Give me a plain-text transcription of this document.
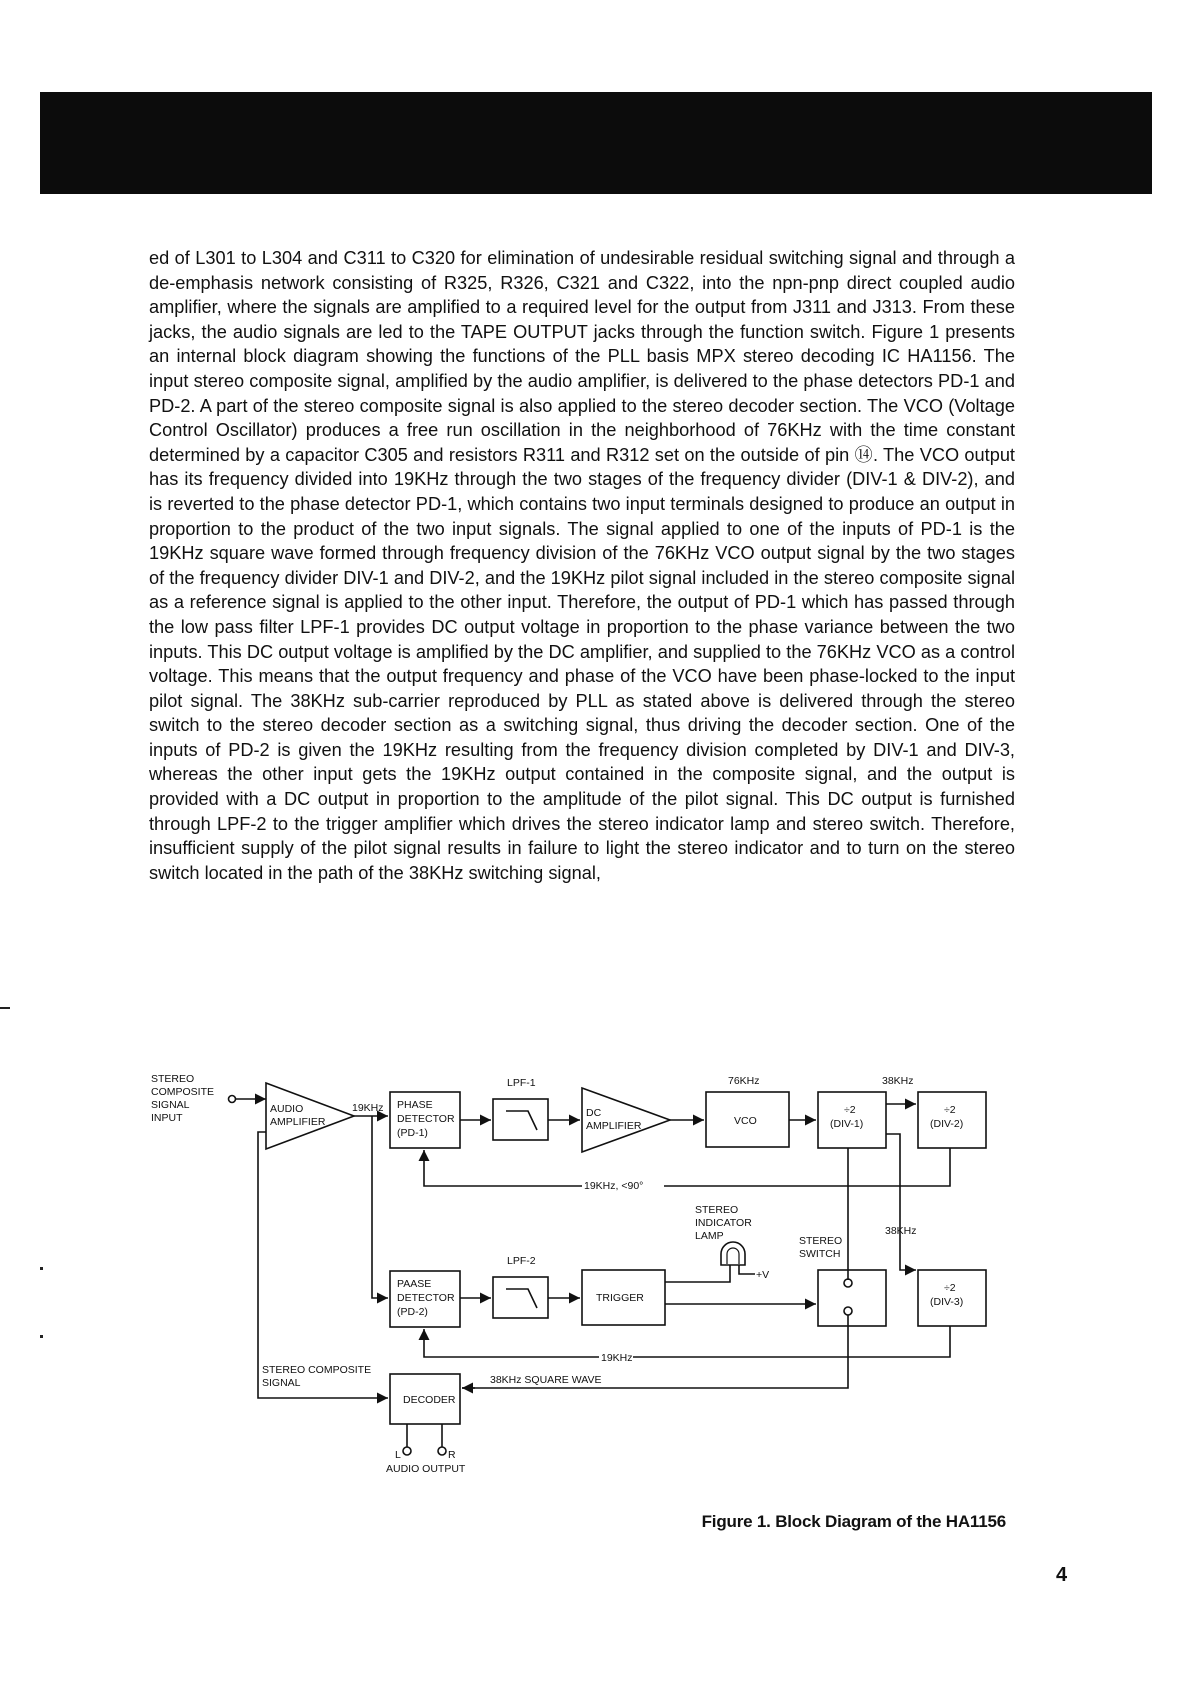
ed of L301 to L304 and C311 to C320 for elimination of undesirable residual switching signal and through a de-emphasis network consisting of R325, R326, C321 and C322, into the npn-pnp direct coupled audio amplifier, where the signals are amplified to a required level for the output from J311 and J313. From these jacks, the audio signals are led to the TAPE OUTPUT jacks through the function switch. Figure 1 presents an internal block diagram showing the functions of the PLL basis MPX stereo decoding IC HA1156. The input stereo composite signal, amplified by the audio amplifier, is delivered to the phase detectors PD-1 and PD-2. A part of the stereo composite signal is also applied to the stereo decoder section. The VCO (Voltage Control Oscillator) produces a free run oscillation in the neighborhood of 76KHz with the time constant determined by a capacitor C305 and resistors R311 and R312 set on the outside of pin ⑭. The VCO output has its frequency divided into 19KHz through the two stages of the frequency divider (DIV-1 & DIV-2), and is reverted to the phase detector PD-1, which contains two input terminals designed to produce an output in proportion to the product of the two input signals. The signal applied to one of the inputs of PD-1 is the 19KHz square wave formed through frequency division of the 76KHz VCO output signal by the two stages of the frequency divider DIV-1 and DIV-2, and the 19KHz pilot signal included in the stereo composite signal as a reference signal is applied to the other input. Therefore, the output of PD-1 which has passed through the low pass filter LPF-1 provides DC output voltage in proportion to the phase variance between the two inputs. This DC output voltage is amplified by the DC amplifier, and supplied to the 76KHz VCO as a control voltage. This means that the output frequency and phase of the VCO have been phase-locked to the input pilot signal. The 38KHz sub-carrier reproduced by PLL as stated above is delivered through the stereo switch to the stereo decoder section as a switching signal, thus driving the decoder section. One of the inputs of PD-2 is given the 19KHz resulting from the frequency division completed by DIV-1 and DIV-3, whereas the other input gets the 19KHz output contained in the composite signal, and the output is provided with a DC output in proportion to the amplitude of the pilot signal. This DC output is furnished through LPF-2 to the trigger amplifier which drives the stereo indicator lamp and stereo switch. Therefore, insufficient supply of the pilot signal results in failure to light the stereo indicator and to turn on the stereo switch located in the path of the 38KHz switching signal,

STEREO
COMPOSITE
SIGNAL
INPUT
AUDIO
AMPLIFIER
19KHz PHASE
DETECTOR
(PD-1)
LPF-1
DC
AMPLIFIER
76KHz
VCO
÷2
(DIV-1)
38KHz
÷2
(DIV-2)
19KHz, <90°
STEREO
INDICATOR
LAMP	38KHz
STEREO
SWITCH
LPF-2
PAASE
DETECTOR
(PD-2)
TRIGGER
+V
÷2
(DIV-3)
19KHz
STEREO COMPOSITE
SIGNAL
DECODER
38KHz SQUARE WAVE
L	R
AUDIO OUTPUT
Figure 1. Block Diagram of the HA1156
4
